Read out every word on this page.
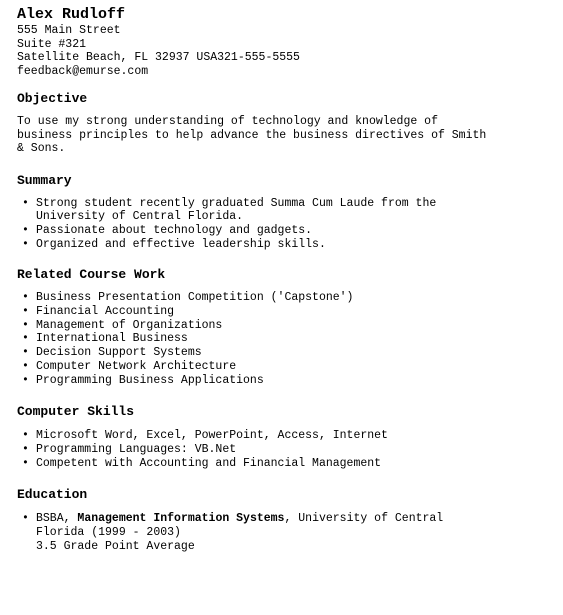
Alex Rudloff

555 Main Street

Suite #321

Satellite Beach, FL 32937 USA321-555-5555

feedback@emurse.com

Objective

To use my strong understanding of technology and knowledge of

business principles to help advance the business directives of Smith

& Sons.

Summary

• Strong student recently graduated Summa Cum Laude from the
University of Central Florida.
• Passionate about technology and gadgets.
• Organized and effective leadership skills.

Related Course Work

• Business Presentation Competition ('Capstone')
• Financial Accounting
• Management of Organizations
• International Business
• Decision Support Systems
• Computer Network Architecture
• Programming Business Applications

Computer Skills

• Microsoft Word, Excel, PowerPoint, Access, Internet
• Programming Languages: VB.Net
• Competent with Accounting and Financial Management

Education

• BSBA, Management Information Systems, University of Central
Florida (1999 - 2003)
3.5 Grade Point Average
